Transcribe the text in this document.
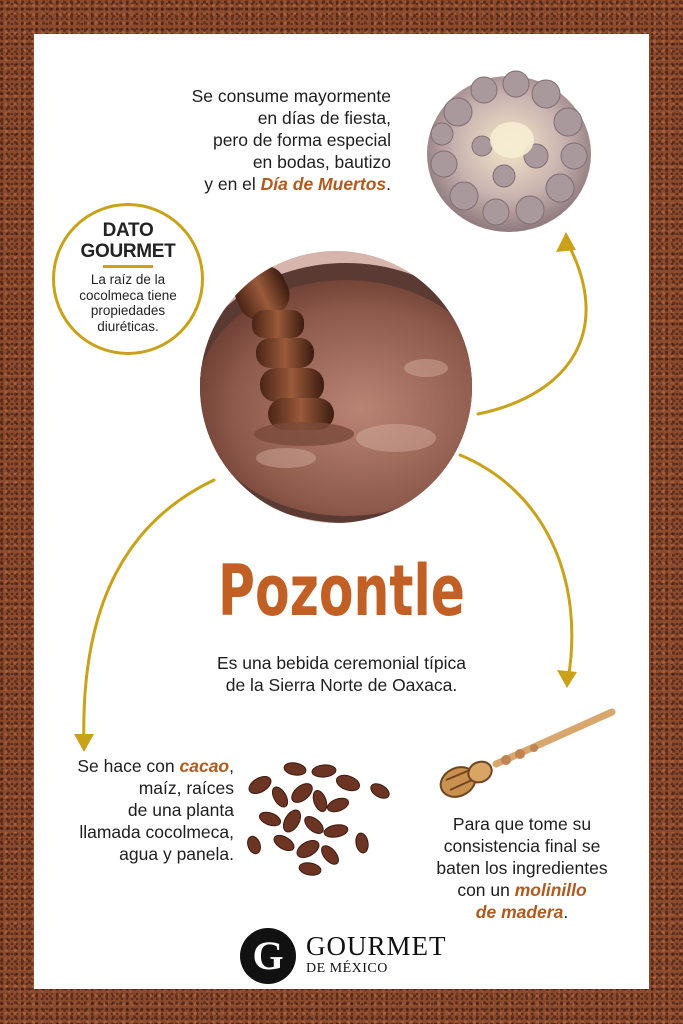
Se consume mayormente
en días de fiesta,
pero de forma especial
en bodas, bautizo
y en el Día de Muertos.
DATO
GOURMET
La raíz de la
cocolmeca tiene
propiedades
diuréticas.
Pozontle
Es una bebida ceremonial típica
de la Sierra Norte de Oaxaca.
Se hace con cacao,
maíz, raíces
de una planta
llamada cocolmeca,
agua y panela.
Para que tome su
consistencia final se
baten los ingredientes
con un molinillo
de madera.
G GOURMET
DE MÉXICO
